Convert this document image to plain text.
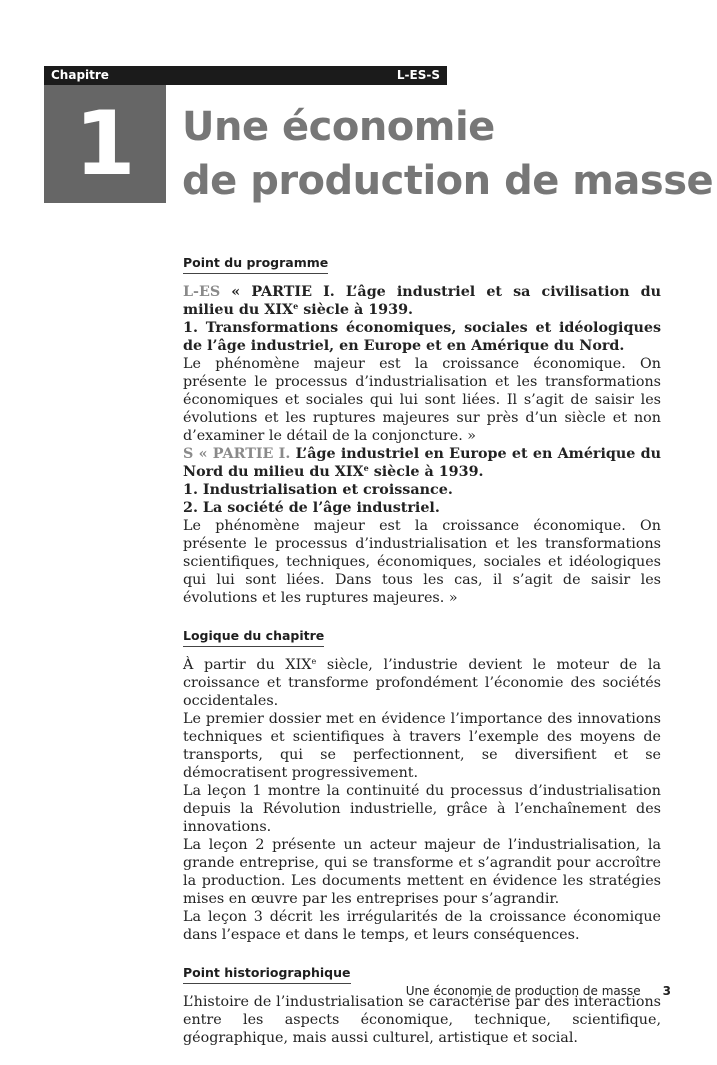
Chapitre	L-ES-S
1	Une économie
de production de masse
Point du programme

L-ES « PARTIE I. L’âge industriel et sa civilisation du milieu du XIXe siècle à 1939.

1. Transformations économiques, sociales et idéologiques de l’âge industriel, en Europe et en Amérique du Nord.

Le phénomène majeur est la croissance économique. On présente le processus d’industrialisation et les transformations économiques et sociales qui lui sont liées. Il s’agit de saisir les évolutions et les ruptures majeures sur près d’un siècle et non d’examiner le détail de la conjoncture. »

S « PARTIE I. L’âge industriel en Europe et en Amérique du Nord du milieu du XIXe siècle à 1939.

1. Industrialisation et croissance.

2. La société de l’âge industriel.

Le phénomène majeur est la croissance économique. On présente le processus d’industrialisation et les transformations scientifiques, techniques, économiques, sociales et idéologiques qui lui sont liées. Dans tous les cas, il s’agit de saisir les évolutions et les ruptures majeures. »

Logique du chapitre

À partir du XIXe siècle, l’industrie devient le moteur de la croissance et transforme profondément l’économie des sociétés occidentales.

Le premier dossier met en évidence l’importance des innovations techniques et scientifiques à travers l’exemple des moyens de transports, qui se perfectionnent, se diversifient et se démocratisent progressivement.

La leçon 1 montre la continuité du processus d’industrialisation depuis la Révolution industrielle, grâce à l’enchaînement des innovations.

La leçon 2 présente un acteur majeur de l’industrialisation, la grande entreprise, qui se transforme et s’agrandit pour accroître la production. Les documents mettent en évidence les stratégies mises en œuvre par les entreprises pour s’agrandir.

La leçon 3 décrit les irrégularités de la croissance économique dans l’espace et dans le temps, et leurs conséquences.

Point historiographique

L’histoire de l’industrialisation se caractérise par des interactions entre les aspects économique, technique, scientifique, géographique, mais aussi culturel, artistique et social.

Une économie de production de masse 3
